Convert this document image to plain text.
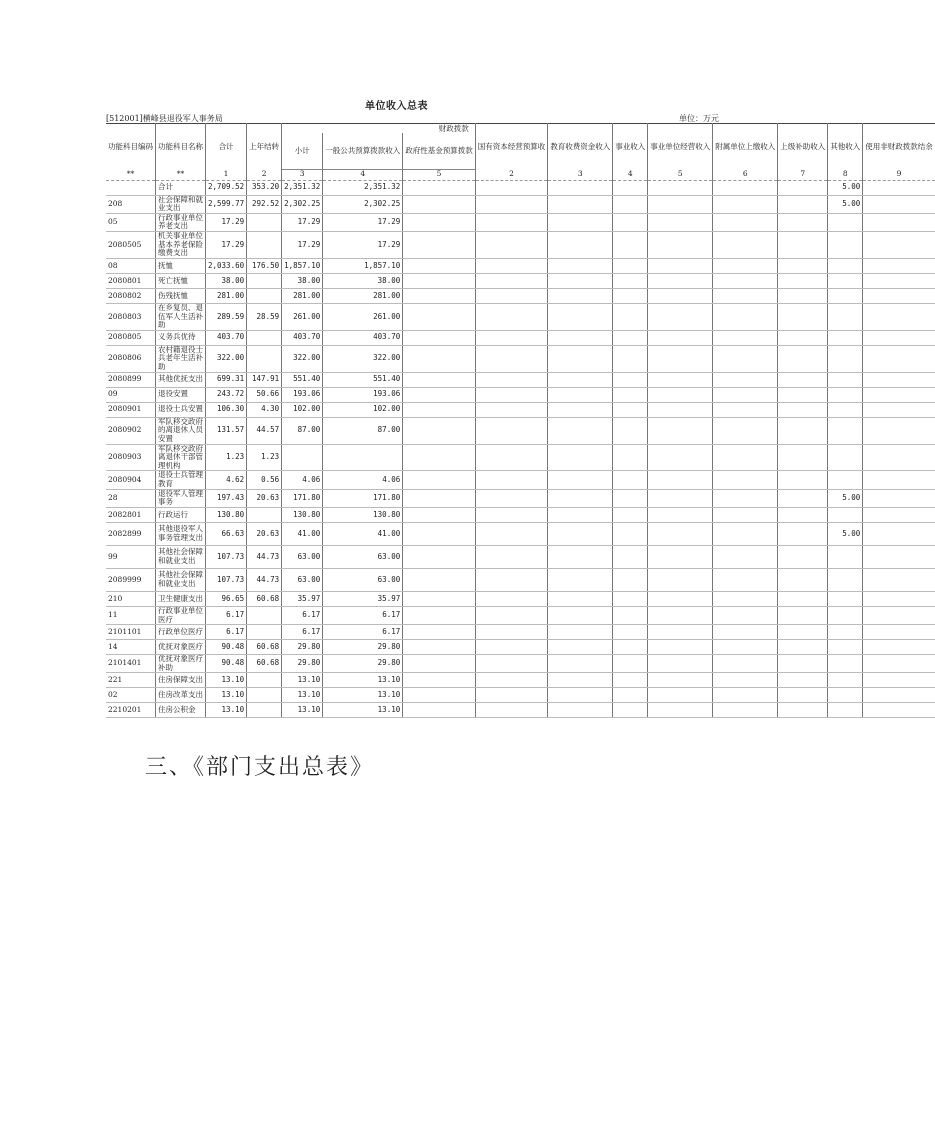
单位收入总表
[512001]横峰县退役军人事务局	单位：万元
功能科目编码	功能科目名称	合计	上年结转	财政拨款			国有资本经营预算收	教育收费资金收入	事业收入	事业单位经营收入	附属单位上缴收入	上级补助收入	其他收入	使用非财政拨款结余
				小计	一般公共预算拨款收入	政府性基金预算拨款								
**	**	1	2	3	4	5	2	3	4	5	6	7	8	9
	合计	2,709.52	353.20	2,351.32	2,351.32								5.00	
208	社会保障和就业支出	2,599.77	292.52	2,302.25	2,302.25								5.00	
05	行政事业单位养老支出	17.29		17.29	17.29									
2080505	机关事业单位基本养老保险缴费支出	17.29		17.29	17.29									
08	抚恤	2,033.60	176.50	1,857.10	1,857.10									
2080801	死亡抚恤	38.00		38.00	38.00									
2080802	伤残抚恤	281.00		281.00	281.00									
2080803	在乡复员、退伍军人生活补助	289.59	28.59	261.00	261.00									
2080805	义务兵优待	403.70		403.70	403.70									
2080806	农村籍退役士兵老年生活补助	322.00		322.00	322.00									
2080899	其他优抚支出	699.31	147.91	551.40	551.40									
09	退役安置	243.72	50.66	193.06	193.06									
2080901	退役士兵安置	106.30	4.30	102.00	102.00									
2080902	军队移交政府的离退休人员安置	131.57	44.57	87.00	87.00									
2080903	军队移交政府离退休干部管理机构	1.23	1.23											
2080904	退役士兵管理教育	4.62	0.56	4.06	4.06									
28	退役军人管理事务	197.43	20.63	171.80	171.80								5.00	
2082801	行政运行	130.80		130.80	130.80									
2082899	其他退役军人事务管理支出	66.63	20.63	41.00	41.00								5.00	
99	其他社会保障和就业支出	107.73	44.73	63.00	63.00									
2089999	其他社会保障和就业支出	107.73	44.73	63.00	63.00									
210	卫生健康支出	96.65	60.68	35.97	35.97									
11	行政事业单位医疗	6.17		6.17	6.17									
2101101	行政单位医疗	6.17		6.17	6.17									
14	优抚对象医疗	90.48	60.68	29.80	29.80									
2101401	优抚对象医疗补助	90.48	60.68	29.80	29.80									
221	住房保障支出	13.10		13.10	13.10									
02	住房改革支出	13.10		13.10	13.10									
2210201	住房公积金	13.10		13.10	13.10									
三、《部门支出总表》
